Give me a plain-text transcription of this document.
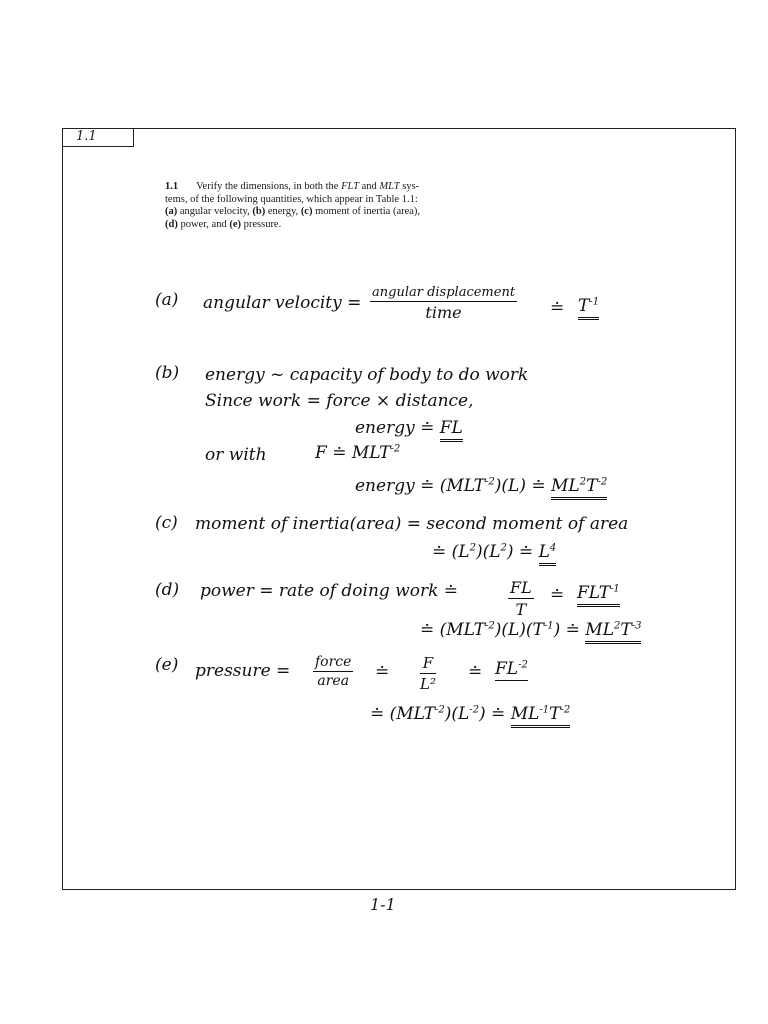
1.1
1.1 Verify the dimensions, in both the FLT and MLT sys-
tems, of the following quantities, which appear in Table 1.1:
(a) angular velocity, (b) energy, (c) moment of inertia (area),
(d) power, and (e) pressure.
(a) angular velocity =
angular displacement
time	≐ $T^{-1}$
(b) energy ~ capacity of body to do work
Since work = force × distance,
energy ≐ FL
or with	F ≐ $MLT^{-2}$
energy ≐ $(MLT^{-2})(L)$ ≐ $ML^2T^{-2}$
(c) moment of inertia(area) = second moment of area
≐ $(L^2)(L^2)$ ≐ $L^4$
(d) power = rate of doing work ≐	$\frac{FL}{T}$ ≐ $FLT^{-1}$
≐ $(MLT^{-2})(L)(T^{-1})$ ≐ $ML^2T^{-3}$
(e) pressure = force
area ≐ $\frac{F}{\text{L²}}$ ≐ $FL^{-2}$
≐ $(MLT^{-2})(L^{-2})$ ≐ $ML^{-1}T^{-2}$
1-1
